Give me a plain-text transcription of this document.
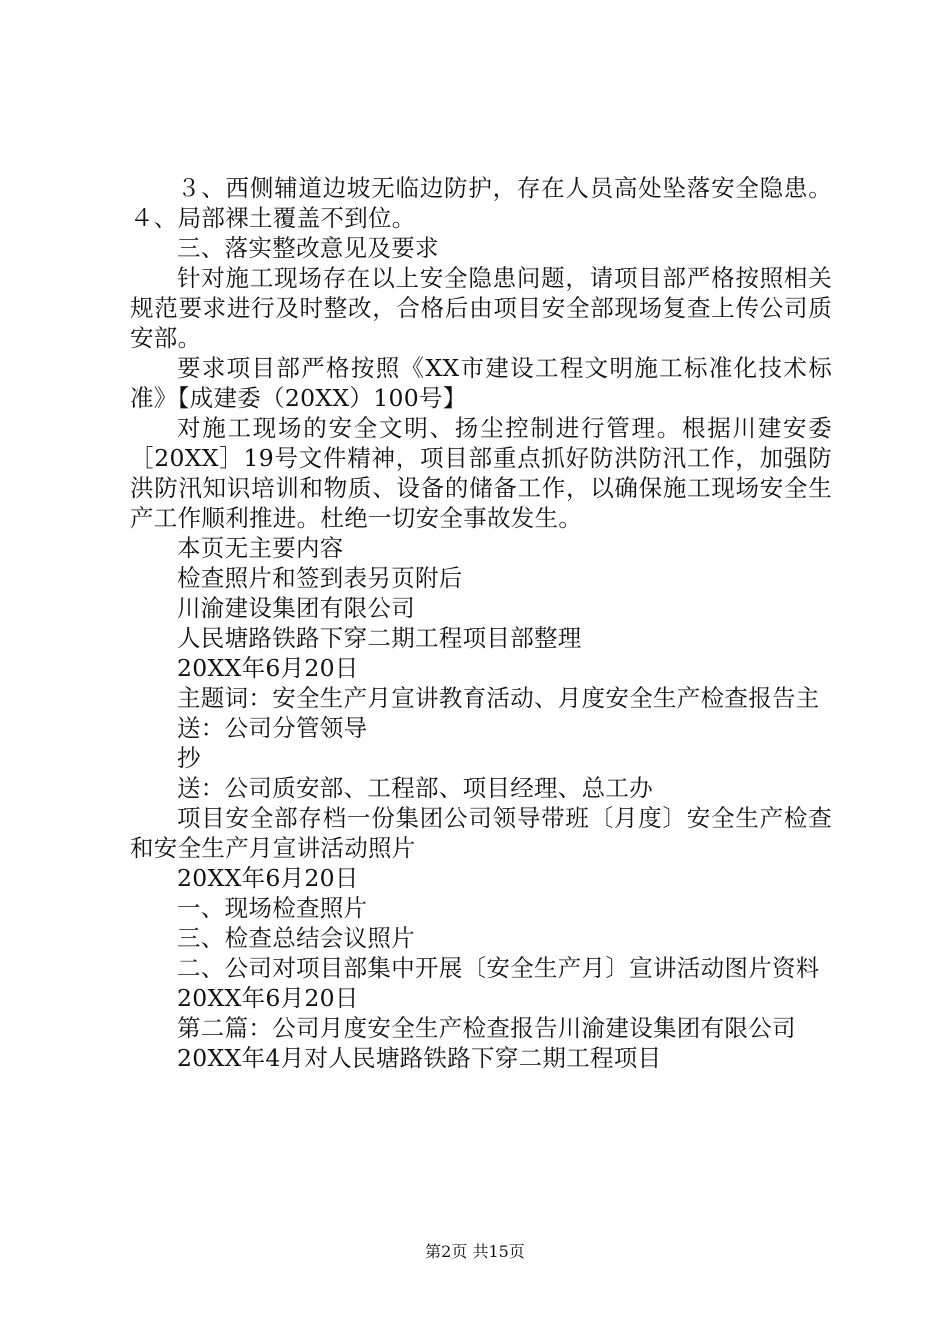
３、西侧辅道边坡无临边防护，存在人员高处坠落安全隐患。４、局部裸土覆盖不到位。

三、落实整改意见及要求

针对施工现场存在以上安全隐患问题，请项目部严格按照相关规范要求进行及时整改，合格后由项目安全部现场复查上传公司质安部。

要求项目部严格按照《XX市建设工程文明施工标准化技术标准》【成建委（20XX）100号】

对施工现场的安全文明、扬尘控制进行管理。根据川建安委［20XX］19号文件精神，项目部重点抓好防洪防汛工作，加强防洪防汛知识培训和物质、设备的储备工作，以确保施工现场安全生产工作顺利推进。杜绝一切安全事故发生。

本页无主要内容

检查照片和签到表另页附后

川渝建设集团有限公司

人民塘路铁路下穿二期工程项目部整理

20XX年6月20日

主题词：安全生产月宣讲教育活动、月度安全生产检查报告主

送：公司分管领导

抄

送：公司质安部、工程部、项目经理、总工办

项目安全部存档一份集团公司领导带班〔月度〕安全生产检查和安全生产月宣讲活动照片

20XX年6月20日

一、现场检查照片

三、检查总结会议照片

二、公司对项目部集中开展〔安全生产月〕宣讲活动图片资料

20XX年6月20日

第二篇：公司月度安全生产检查报告川渝建设集团有限公司

20XX年4月对人民塘路铁路下穿二期工程项目

第2页 共15页
